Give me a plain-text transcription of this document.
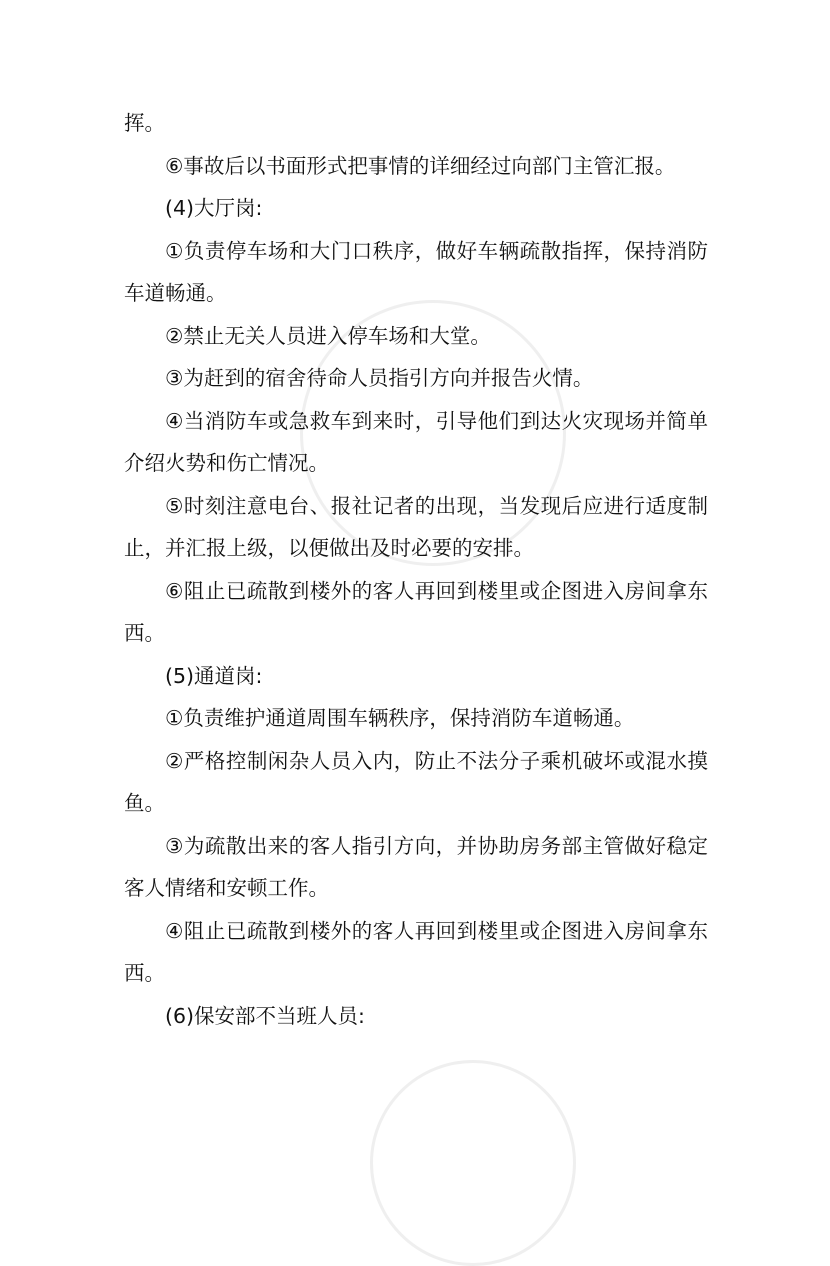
挥。

⑥事故后以书面形式把事情的详细经过向部门主管汇报。

(4)大厅岗:

①负责停车场和大门口秩序，做好车辆疏散指挥，保持消防车道畅通。

②禁止无关人员进入停车场和大堂。

③为赶到的宿舍待命人员指引方向并报告火情。

④当消防车或急救车到来时，引导他们到达火灾现场并简单介绍火势和伤亡情况。

⑤时刻注意电台、报社记者的出现，当发现后应进行适度制止，并汇报上级，以便做出及时必要的安排。

⑥阻止已疏散到楼外的客人再回到楼里或企图进入房间拿东西。

(5)通道岗:

①负责维护通道周围车辆秩序，保持消防车道畅通。

②严格控制闲杂人员入内，防止不法分子乘机破坏或混水摸鱼。

③为疏散出来的客人指引方向，并协助房务部主管做好稳定客人情绪和安顿工作。

④阻止已疏散到楼外的客人再回到楼里或企图进入房间拿东西。

(6)保安部不当班人员:
